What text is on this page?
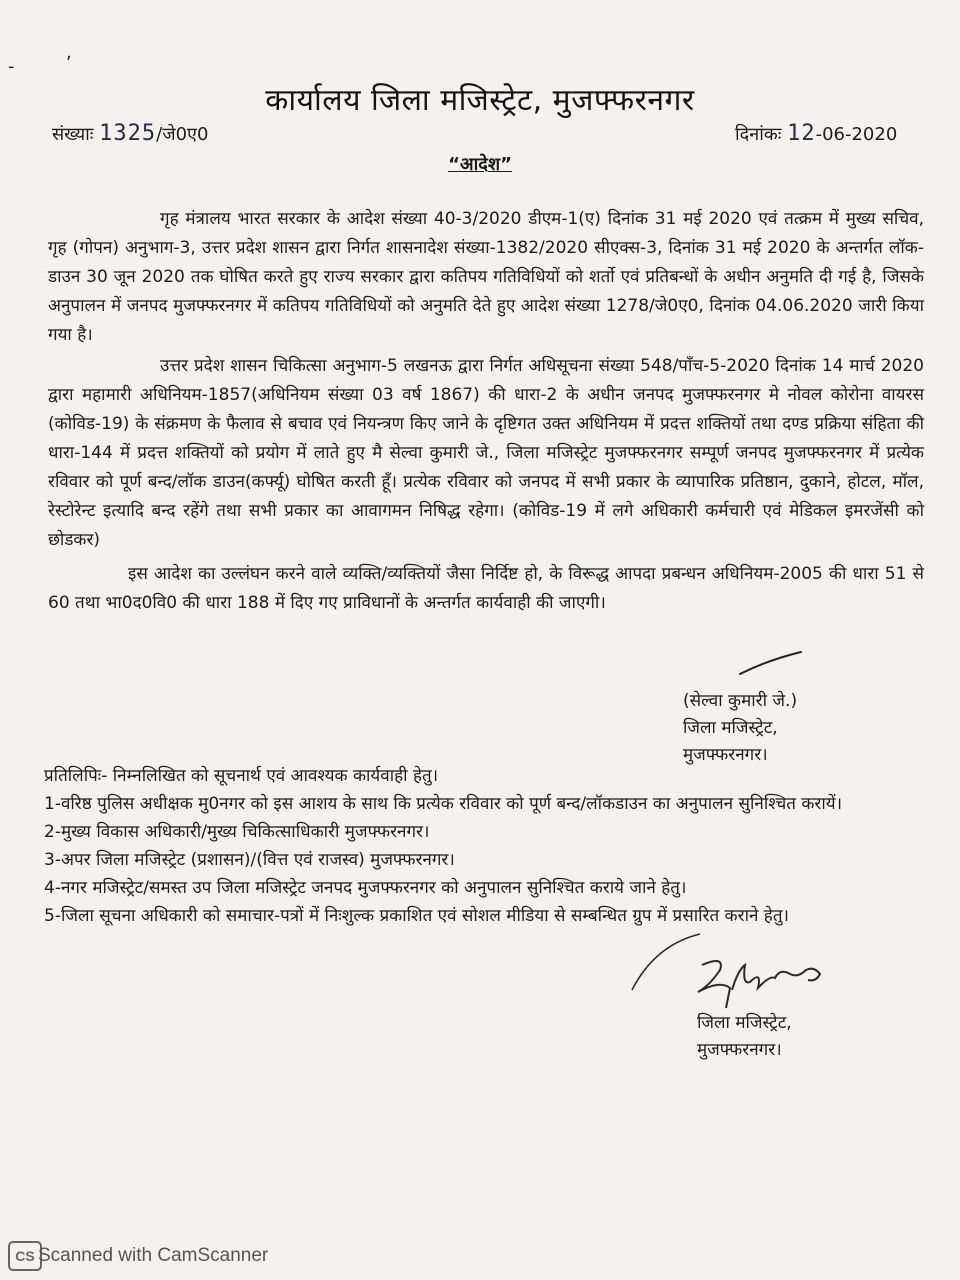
-
,
कार्यालय जिला मजिस्ट्रेट, मुजफ्फरनगर
संख्याः 1325/जे0ए0	दिनांकः 12-06-2020
“आदेश”

गृह मंत्रालय भारत सरकार के आदेश संख्या 40-3/2020 डीएम-1(ए) दिनांक 31 मई 2020 एवं तत्क्रम में मुख्य सचिव, गृह (गोपन) अनुभाग-3, उत्तर प्रदेश शासन द्वारा निर्गत शासनादेश संख्या-1382/2020 सीएक्स-3, दिनांक 31 मई 2020 के अन्तर्गत लॉक-डाउन 30 जून 2020 तक घोषित करते हुए राज्य सरकार द्वारा कतिपय गतिविधियों को शर्तो एवं प्रतिबन्धों के अधीन अनुमति दी गई है, जिसके अनुपालन में जनपद मुजफ्फरनगर में कतिपय गतिविधियों को अनुमति देते हुए आदेश संख्या 1278/जे0ए0, दिनांक 04.06.2020 जारी किया गया है।

उत्तर प्रदेश शासन चिकित्सा अनुभाग-5 लखनऊ द्वारा निर्गत अधिसूचना संख्या 548/पाँच-5-2020 दिनांक 14 मार्च 2020 द्वारा महामारी अधिनियम-1857(अधिनियम संख्या 03 वर्ष 1867) की धारा-2 के अधीन जनपद मुजफ्फरनगर मे नोवल कोरोना वायरस (कोविड-19) के संक्रमण के फैलाव से बचाव एवं नियन्त्रण किए जाने के दृष्टिगत उक्त अधिनियम में प्रदत्त शक्तियों तथा दण्ड प्रक्रिया संहिता की धारा-144 में प्रदत्त शक्तियों को प्रयोग में लाते हुए मै सेल्वा कुमारी जे., जिला मजिस्ट्रेट मुजफ्फरनगर सम्पूर्ण जनपद मुजफ्फरनगर में प्रत्येक रविवार को पूर्ण बन्द/लॉक डाउन(कर्फ्यू) घोषित करती हूँ। प्रत्येक रविवार को जनपद में सभी प्रकार के व्यापारिक प्रतिष्ठान, दुकाने, होटल, मॉल, रेस्टोरेन्ट इत्यादि बन्द रहेंगे तथा सभी प्रकार का आवागमन निषिद्ध रहेगा। (कोविड-19 में लगे अधिकारी कर्मचारी एवं मेडिकल इमरजेंसी को छोडकर)

इस आदेश का उल्लंघन करने वाले व्यक्ति/व्यक्तियों जैसा निर्दिष्ट हो, के विरूद्ध आपदा प्रबन्धन अधिनियम-2005 की धारा 51 से 60 तथा भा0द0वि0 की धारा 188 में दिए गए प्राविधानों के अन्तर्गत कार्यवाही की जाएगी।

(सेल्वा कुमारी जे.)
जिला मजिस्ट्रेट,
मुजफ्फरनगर।
प्रतिलिपिः- निम्नलिखित को सूचनार्थ एवं आवश्यक कार्यवाही हेतु।
1-वरिष्ठ पुलिस अधीक्षक मु0नगर को इस आशय के साथ कि प्रत्येक रविवार को पूर्ण बन्द/लॉकडाउन का अनुपालन सुनिश्चित करायें।
2-मुख्य विकास अधिकारी/मुख्य चिकित्साधिकारी मुजफ्फरनगर।
3-अपर जिला मजिस्ट्रेट (प्रशासन)/(वित्त एवं राजस्व) मुजफ्फरनगर।
4-नगर मजिस्ट्रेट/समस्त उप जिला मजिस्ट्रेट जनपद मुजफ्फरनगर को अनुपालन सुनिश्चित कराये जाने हेतु।
5-जिला सूचना अधिकारी को समाचार-पत्रों में निःशुल्क प्रकाशित एवं सोशल मीडिया से सम्बन्धित ग्रुप में प्रसारित कराने हेतु।
जिला मजिस्ट्रेट,
मुजफ्फरनगर।
CS Scanned with CamScanner
